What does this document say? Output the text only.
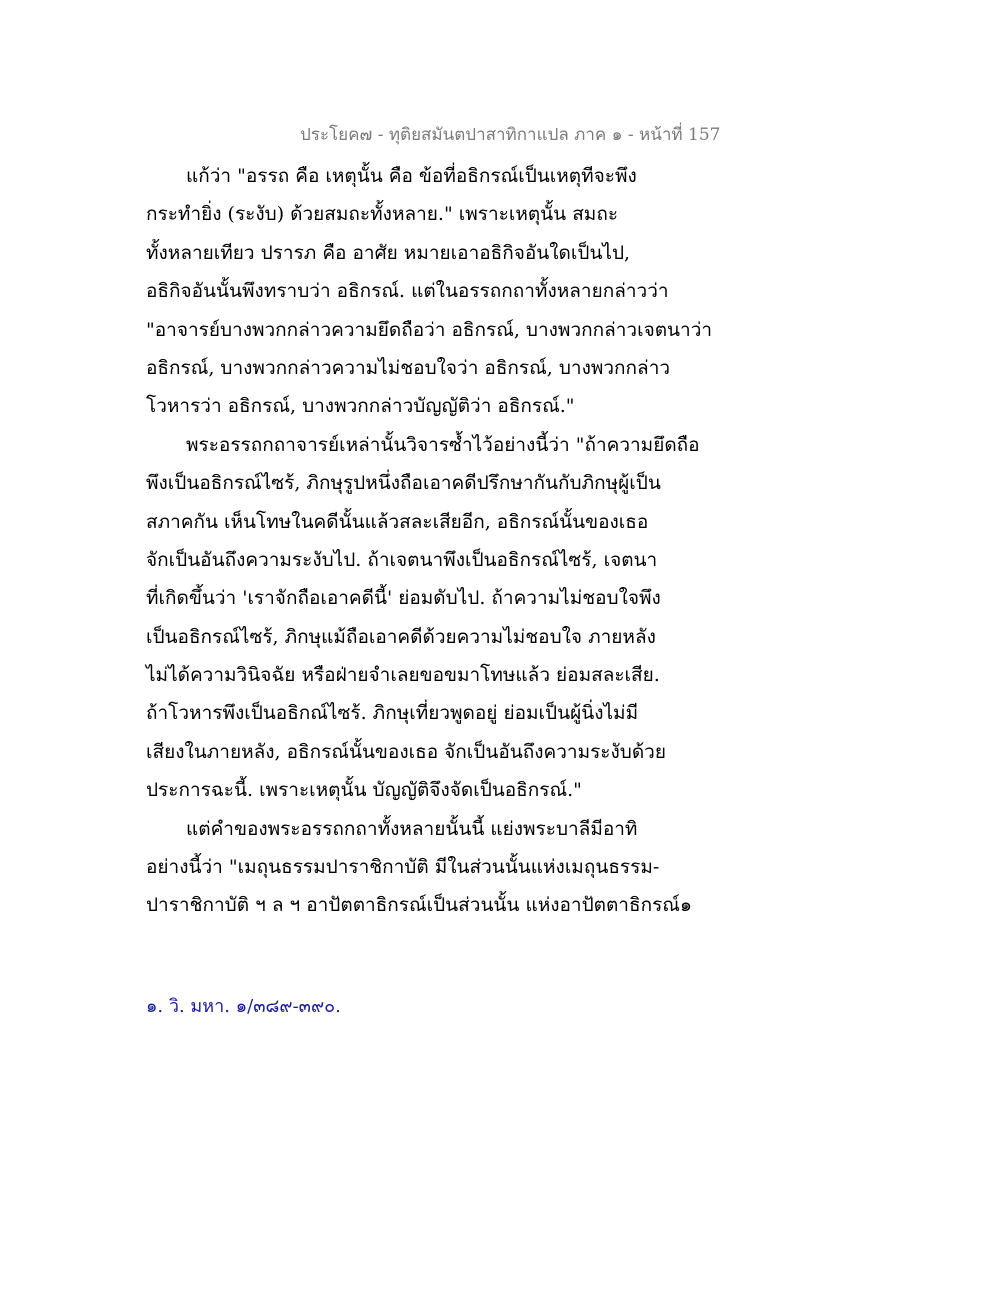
ประโยค๗ - ทุติยสมันตปาสาทิกาแปล ภาค ๑ - หน้าที่ 157
แก้ว่า "อรรถ คือ เหตุนั้น คือ ข้อที่อธิกรณ์เป็นเหตุทีจะพึง
กระทำยิ่ง (ระงับ) ด้วยสมถะทั้งหลาย." เพราะเหตุนั้น สมถะ
ทั้งหลายเทียว ปรารภ คือ อาศัย หมายเอาอธิกิจอันใดเป็นไป,
อธิกิจอันนั้นพึงทราบว่า อธิกรณ์. แต่ในอรรถกถาทั้งหลายกล่าวว่า
"อาจารย์บางพวกกล่าวความยึดถือว่า อธิกรณ์, บางพวกกล่าวเจตนาว่า
อธิกรณ์, บางพวกกล่าวความไม่ชอบใจว่า อธิกรณ์, บางพวกกล่าว
โวหารว่า อธิกรณ์, บางพวกกล่าวบัญญัติว่า อธิกรณ์."
พระอรรถกถาจารย์เหล่านั้นวิจารซ้ำไว้อย่างนี้ว่า "ถ้าความยึดถือ
พึงเป็นอธิกรณ์ไซร้, ภิกษุรูปหนึ่งถือเอาคดีปรึกษากันกับภิกษุผู้เป็น
สภาคกัน เห็นโทษในคดีนั้นแล้วสละเสียอีก, อธิกรณ์นั้นของเธอ
จักเป็นอันถึงความระงับไป. ถ้าเจตนาพึงเป็นอธิกรณ์ไซร้, เจตนา
ที่เกิดขึ้นว่า 'เราจักถือเอาคดีนี้' ย่อมดับไป. ถ้าความไม่ชอบใจพึง
เป็นอธิกรณ์ไซร้, ภิกษุแม้ถือเอาคดีด้วยความไม่ชอบใจ ภายหลัง
ไม่ได้ความวินิจฉัย หรือฝ่ายจำเลยขอขมาโทษแล้ว ย่อมสละเสีย.
ถ้าโวหารพึงเป็นอธิกณ์ไซร้. ภิกษุเที่ยวพูดอยู่ ย่อมเป็นผู้นิ่งไม่มี
เสียงในภายหลัง, อธิกรณ์นั้นของเธอ จักเป็นอันถึงความระงับด้วย
ประการฉะนี้. เพราะเหตุนั้น บัญญัติจึงจัดเป็นอธิกรณ์."
แต่คำของพระอรรถกถาทั้งหลายนั้นนี้ แย่งพระบาลีมีอาทิ
อย่างนี้ว่า "เมถุนธรรมปาราชิกาบัติ มีในส่วนนั้นแห่งเมถุนธรรม-
ปาราชิกาบัติ ฯ ล ฯ อาปัตตาธิกรณ์เป็นส่วนนั้น แห่งอาปัตตาธิกรณ์๑
๑. วิ. มหา. ๑/๓๘๙-๓๙๐.
